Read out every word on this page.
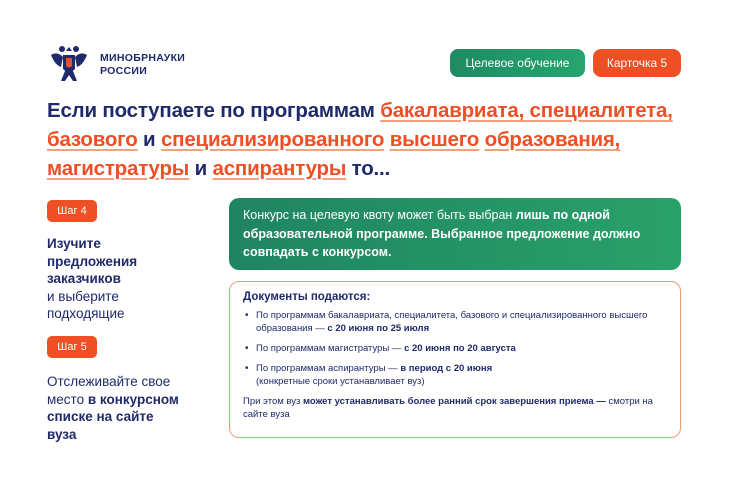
МИНОБРНАУКИ
РОССИИ
Целевое обучение	Карточка 5
Если поступаете по программам бакалавриата, специалитета,
базового и специализированного высшего образования,
магистратуры и аспирантуры то...
Шаг 4
Изучите
предложения
заказчиков
и выберите
подходящие
Шаг 5
Отслеживайте свое
место в конкурсном
списке на сайте
вуза
Конкурс на целевую квоту может быть выбран лишь по одной образовательной программе. Выбранное предложение должно совпадать с конкурсом.
Документы подаются:
• По программам бакалавриата, специалитета, базового и специализированного высшего образования — с 20 июня по 25 июля
• По программам магистратуры — с 20 июня по 20 августа
• По программам аспирантуры — в период с 20 июня
(конкретные сроки устанавливает вуз)
При этом вуз может устанавливать более ранний срок завершения приема — смотри на сайте вуза
